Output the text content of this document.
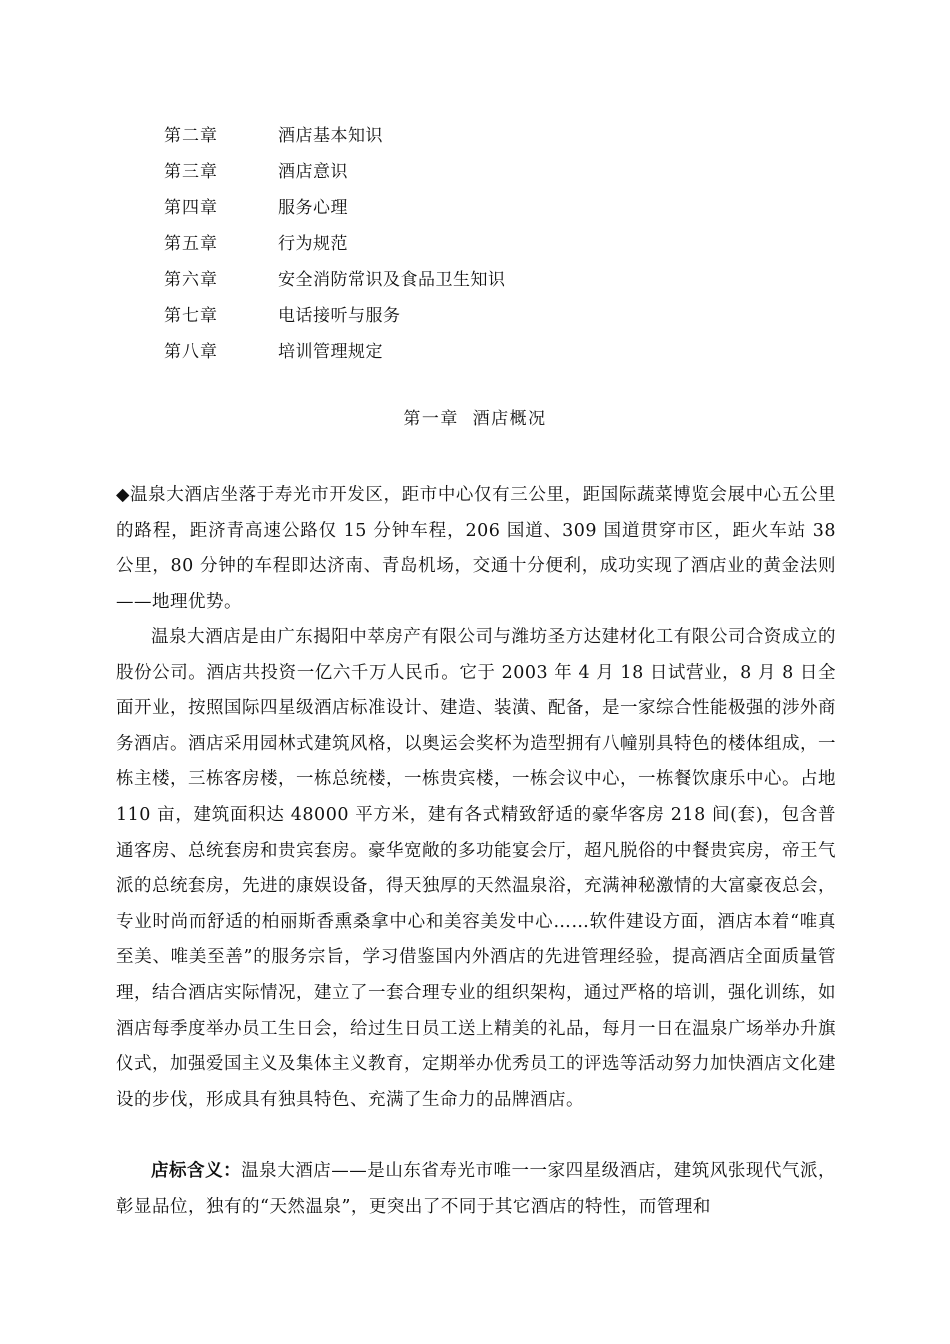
第二章	酒店基本知识
第三章	酒店意识
第四章	服务心理
第五章	行为规范
第六章	安全消防常识及食品卫生知识
第七章	电话接听与服务
第八章	培训管理规定
第一章  酒店概况

◆温泉大酒店坐落于寿光市开发区，距市中心仅有三公里，距国际蔬菜博览会展中心五公里的路程，距济青高速公路仅 15 分钟车程，206 国道、309 国道贯穿市区，距火车站 38 公里，80 分钟的车程即达济南、青岛机场，交通十分便利，成功实现了酒店业的黄金法则——地理优势。

温泉大酒店是由广东揭阳中萃房产有限公司与潍坊圣方达建材化工有限公司合资成立的股份公司。酒店共投资一亿六千万人民币。它于 2003 年 4 月 18 日试营业，8 月 8 日全面开业，按照国际四星级酒店标准设计、建造、装潢、配备，是一家综合性能极强的涉外商务酒店。酒店采用园林式建筑风格，以奥运会奖杯为造型拥有八幢别具特色的楼体组成，一栋主楼，三栋客房楼，一栋总统楼，一栋贵宾楼，一栋会议中心，一栋餐饮康乐中心。占地 110 亩，建筑面积达 48000 平方米，建有各式精致舒适的豪华客房 218 间(套)，包含普通客房、总统套房和贵宾套房。豪华宽敞的多功能宴会厅，超凡脱俗的中餐贵宾房，帝王气派的总统套房，先进的康娱设备，得天独厚的天然温泉浴，充满神秘激情的大富豪夜总会，专业时尚而舒适的柏丽斯香熏桑拿中心和美容美发中心……软件建设方面，酒店本着“唯真至美、唯美至善”的服务宗旨，学习借鉴国内外酒店的先进管理经验，提高酒店全面质量管理，结合酒店实际情况，建立了一套合理专业的组织架构，通过严格的培训，强化训练，如酒店每季度举办员工生日会，给过生日员工送上精美的礼品，每月一日在温泉广场举办升旗仪式，加强爱国主义及集体主义教育，定期举办优秀员工的评选等活动努力加快酒店文化建设的步伐，形成具有独具特色、充满了生命力的品牌酒店。

店标含义：温泉大酒店——是山东省寿光市唯一一家四星级酒店，建筑风张现代气派，彰显品位，独有的“天然温泉”，更突出了不同于其它酒店的特性，而管理和
